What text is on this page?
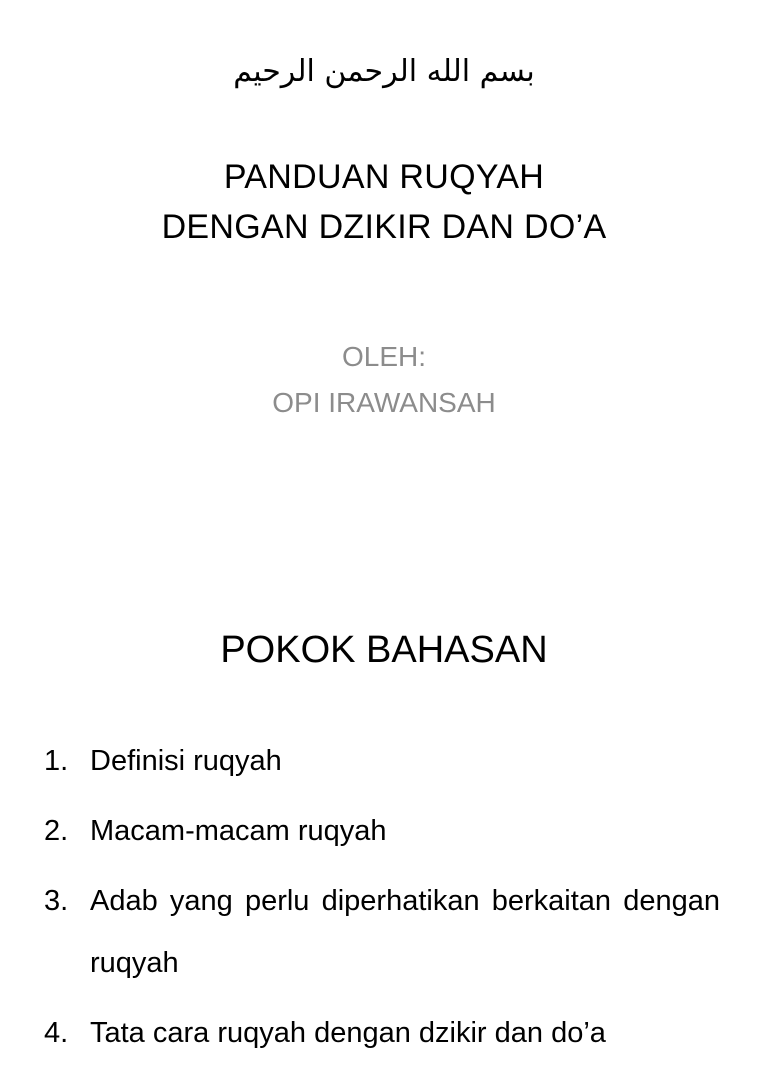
بسم الله الرحمن الرحيم
PANDUAN RUQYAH
DENGAN DZIKIR DAN DO’A
OLEH:
OPI IRAWANSAH
POKOK BAHASAN
1. Definisi ruqyah
2. Macam-macam ruqyah
3. Adab yang perlu diperhatikan berkaitan dengan ruqyah
4. Tata cara ruqyah dengan dzikir dan do’a
